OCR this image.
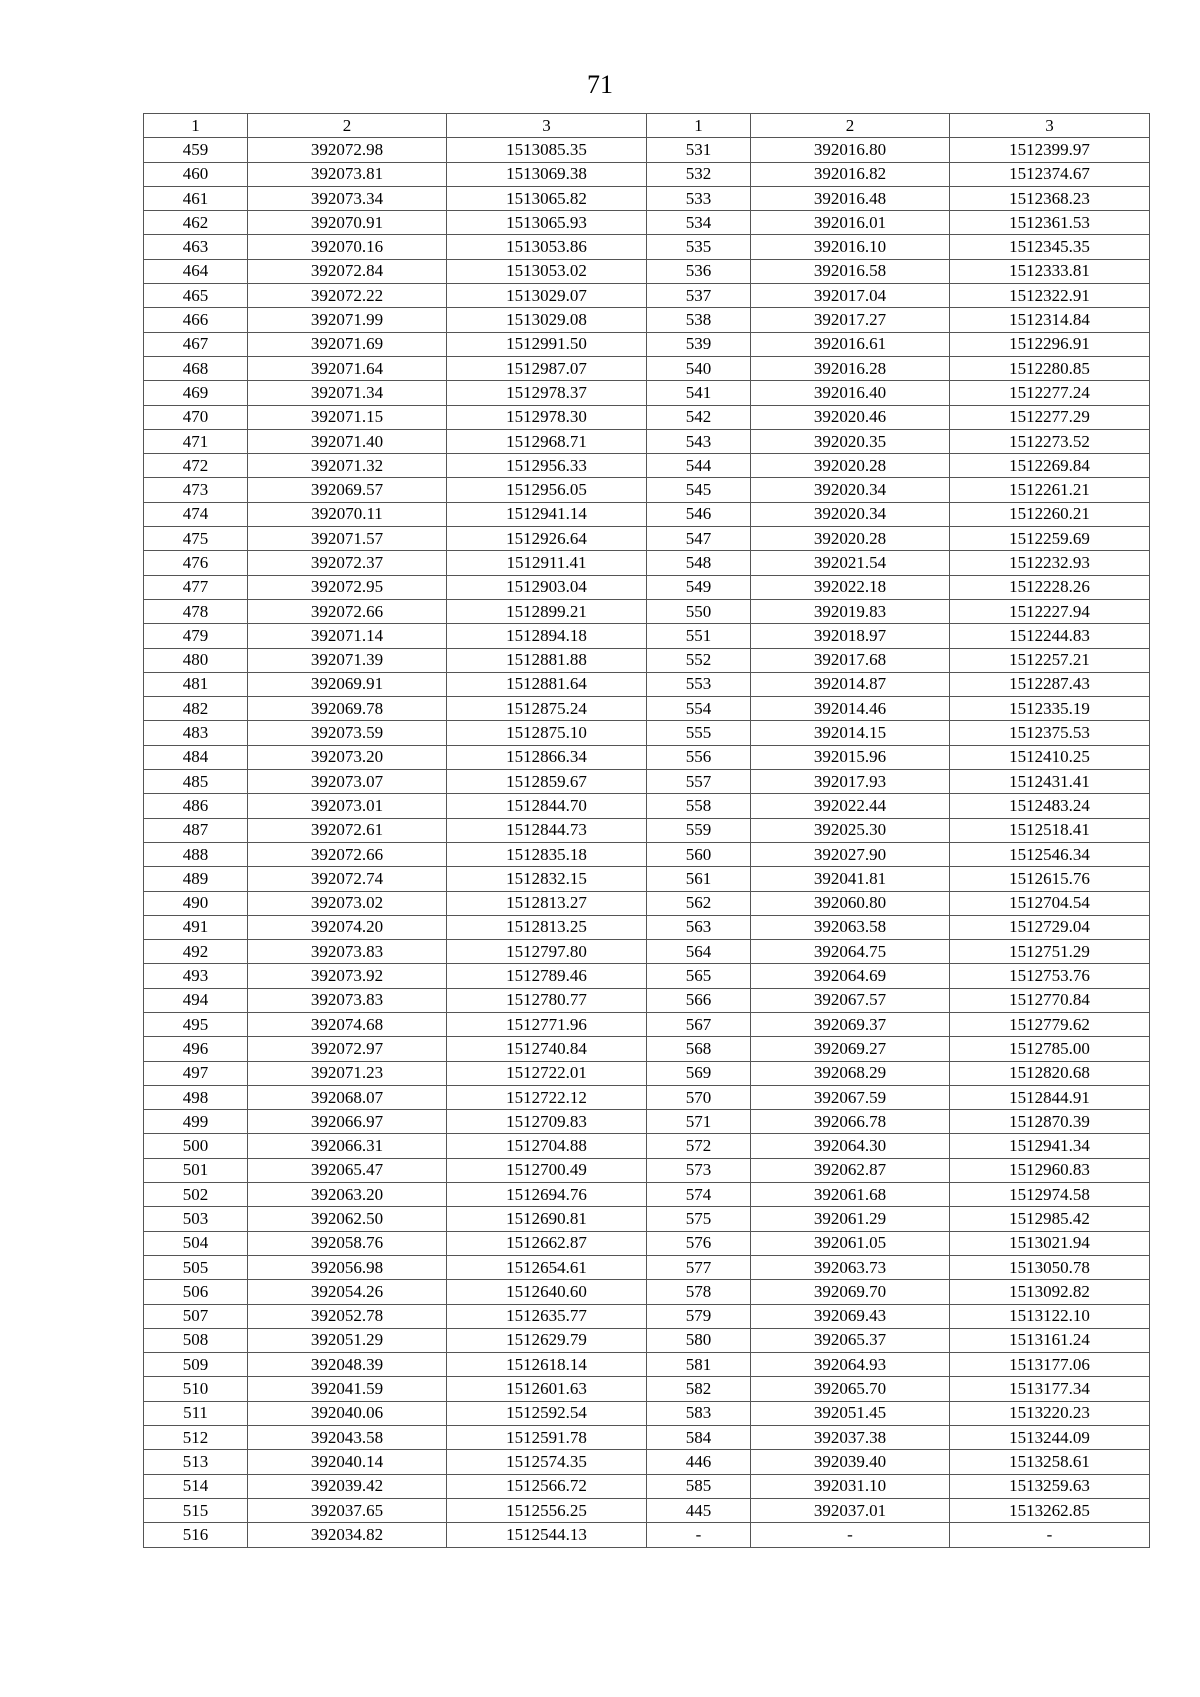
71
1	2	3	1	2	3
459	392072.98	1513085.35	531	392016.80	1512399.97
460	392073.81	1513069.38	532	392016.82	1512374.67
461	392073.34	1513065.82	533	392016.48	1512368.23
462	392070.91	1513065.93	534	392016.01	1512361.53
463	392070.16	1513053.86	535	392016.10	1512345.35
464	392072.84	1513053.02	536	392016.58	1512333.81
465	392072.22	1513029.07	537	392017.04	1512322.91
466	392071.99	1513029.08	538	392017.27	1512314.84
467	392071.69	1512991.50	539	392016.61	1512296.91
468	392071.64	1512987.07	540	392016.28	1512280.85
469	392071.34	1512978.37	541	392016.40	1512277.24
470	392071.15	1512978.30	542	392020.46	1512277.29
471	392071.40	1512968.71	543	392020.35	1512273.52
472	392071.32	1512956.33	544	392020.28	1512269.84
473	392069.57	1512956.05	545	392020.34	1512261.21
474	392070.11	1512941.14	546	392020.34	1512260.21
475	392071.57	1512926.64	547	392020.28	1512259.69
476	392072.37	1512911.41	548	392021.54	1512232.93
477	392072.95	1512903.04	549	392022.18	1512228.26
478	392072.66	1512899.21	550	392019.83	1512227.94
479	392071.14	1512894.18	551	392018.97	1512244.83
480	392071.39	1512881.88	552	392017.68	1512257.21
481	392069.91	1512881.64	553	392014.87	1512287.43
482	392069.78	1512875.24	554	392014.46	1512335.19
483	392073.59	1512875.10	555	392014.15	1512375.53
484	392073.20	1512866.34	556	392015.96	1512410.25
485	392073.07	1512859.67	557	392017.93	1512431.41
486	392073.01	1512844.70	558	392022.44	1512483.24
487	392072.61	1512844.73	559	392025.30	1512518.41
488	392072.66	1512835.18	560	392027.90	1512546.34
489	392072.74	1512832.15	561	392041.81	1512615.76
490	392073.02	1512813.27	562	392060.80	1512704.54
491	392074.20	1512813.25	563	392063.58	1512729.04
492	392073.83	1512797.80	564	392064.75	1512751.29
493	392073.92	1512789.46	565	392064.69	1512753.76
494	392073.83	1512780.77	566	392067.57	1512770.84
495	392074.68	1512771.96	567	392069.37	1512779.62
496	392072.97	1512740.84	568	392069.27	1512785.00
497	392071.23	1512722.01	569	392068.29	1512820.68
498	392068.07	1512722.12	570	392067.59	1512844.91
499	392066.97	1512709.83	571	392066.78	1512870.39
500	392066.31	1512704.88	572	392064.30	1512941.34
501	392065.47	1512700.49	573	392062.87	1512960.83
502	392063.20	1512694.76	574	392061.68	1512974.58
503	392062.50	1512690.81	575	392061.29	1512985.42
504	392058.76	1512662.87	576	392061.05	1513021.94
505	392056.98	1512654.61	577	392063.73	1513050.78
506	392054.26	1512640.60	578	392069.70	1513092.82
507	392052.78	1512635.77	579	392069.43	1513122.10
508	392051.29	1512629.79	580	392065.37	1513161.24
509	392048.39	1512618.14	581	392064.93	1513177.06
510	392041.59	1512601.63	582	392065.70	1513177.34
511	392040.06	1512592.54	583	392051.45	1513220.23
512	392043.58	1512591.78	584	392037.38	1513244.09
513	392040.14	1512574.35	446	392039.40	1513258.61
514	392039.42	1512566.72	585	392031.10	1513259.63
515	392037.65	1512556.25	445	392037.01	1513262.85
516	392034.82	1512544.13	-	-	-
